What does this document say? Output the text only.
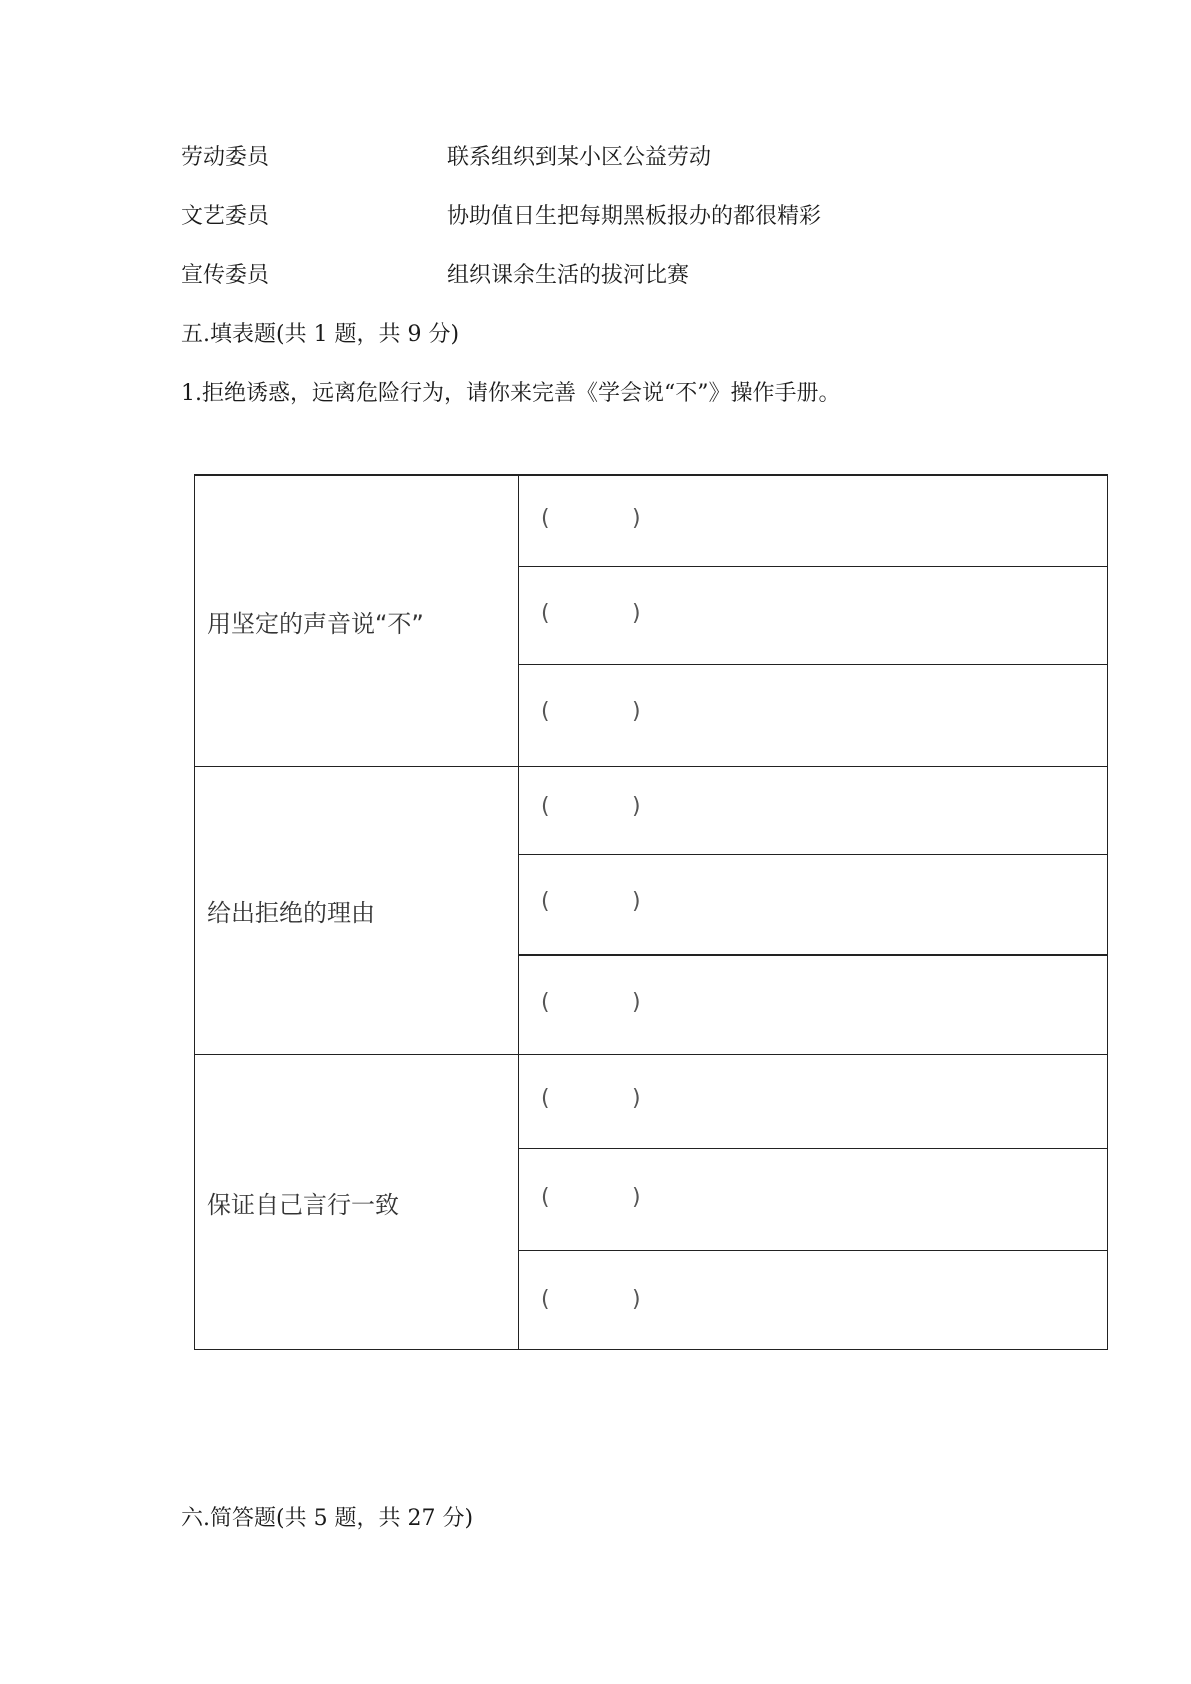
劳动委员	联系组织到某小区公益劳动
文艺委员	协助值日生把每期黑板报办的都很精彩
宣传委员	组织课余生活的拔河比赛
五.填表题(共 1 题，共 9 分)
1.拒绝诱惑，远离危险行为，请你来完善《学会说“不”》操作手册。
用坚定的声音说“不”
(	)
(	)
(	)
给出拒绝的理由
(	)
(	)
(	)
保证自己言行一致
(	)
(	)
(	)
六.简答题(共 5 题，共 27 分)
